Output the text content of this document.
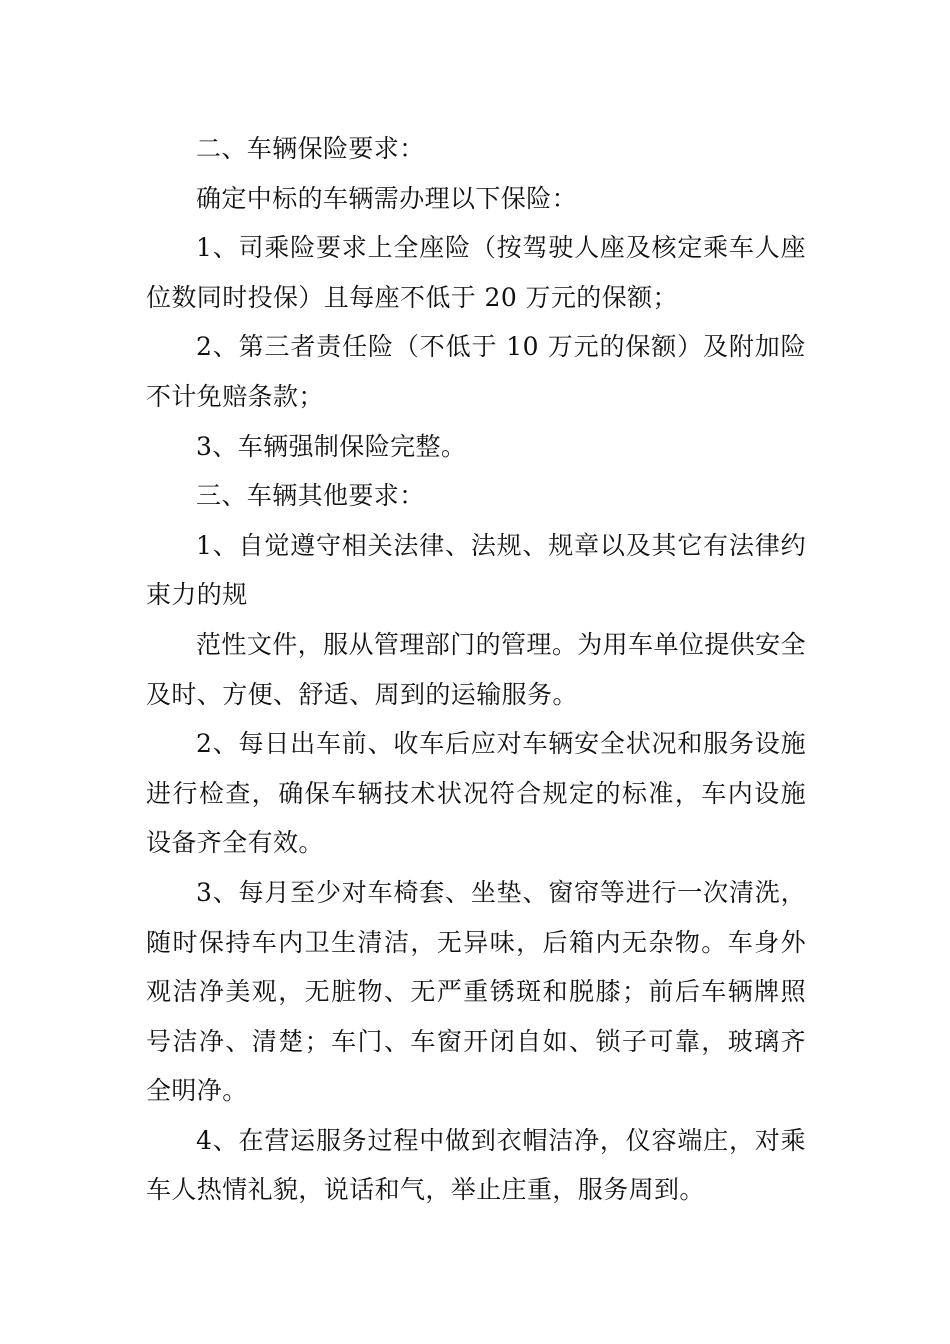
二、车辆保险要求：

确定中标的车辆需办理以下保险：

1、司乘险要求上全座险（按驾驶人座及核定乘车人座位数同时投保）且每座不低于 20 万元的保额；

2、第三者责任险（不低于 10 万元的保额）及附加险不计免赔条款；

3、车辆强制保险完整。

三、车辆其他要求：

1、自觉遵守相关法律、法规、规章以及其它有法律约束力的规

范性文件，服从管理部门的管理。为用车单位提供安全及时、方便、舒适、周到的运输服务。

2、每日出车前、收车后应对车辆安全状况和服务设施进行检查，确保车辆技术状况符合规定的标准，车内设施设备齐全有效。

3、每月至少对车椅套、坐垫、窗帘等进行一次清洗，随时保持车内卫生清洁，无异味，后箱内无杂物。车身外观洁净美观，无脏物、无严重锈斑和脱膝；前后车辆牌照号洁净、清楚；车门、车窗开闭自如、锁子可靠，玻璃齐全明净。

4、在营运服务过程中做到衣帽洁净，仪容端庄，对乘车人热情礼貌，说话和气，举止庄重，服务周到。
